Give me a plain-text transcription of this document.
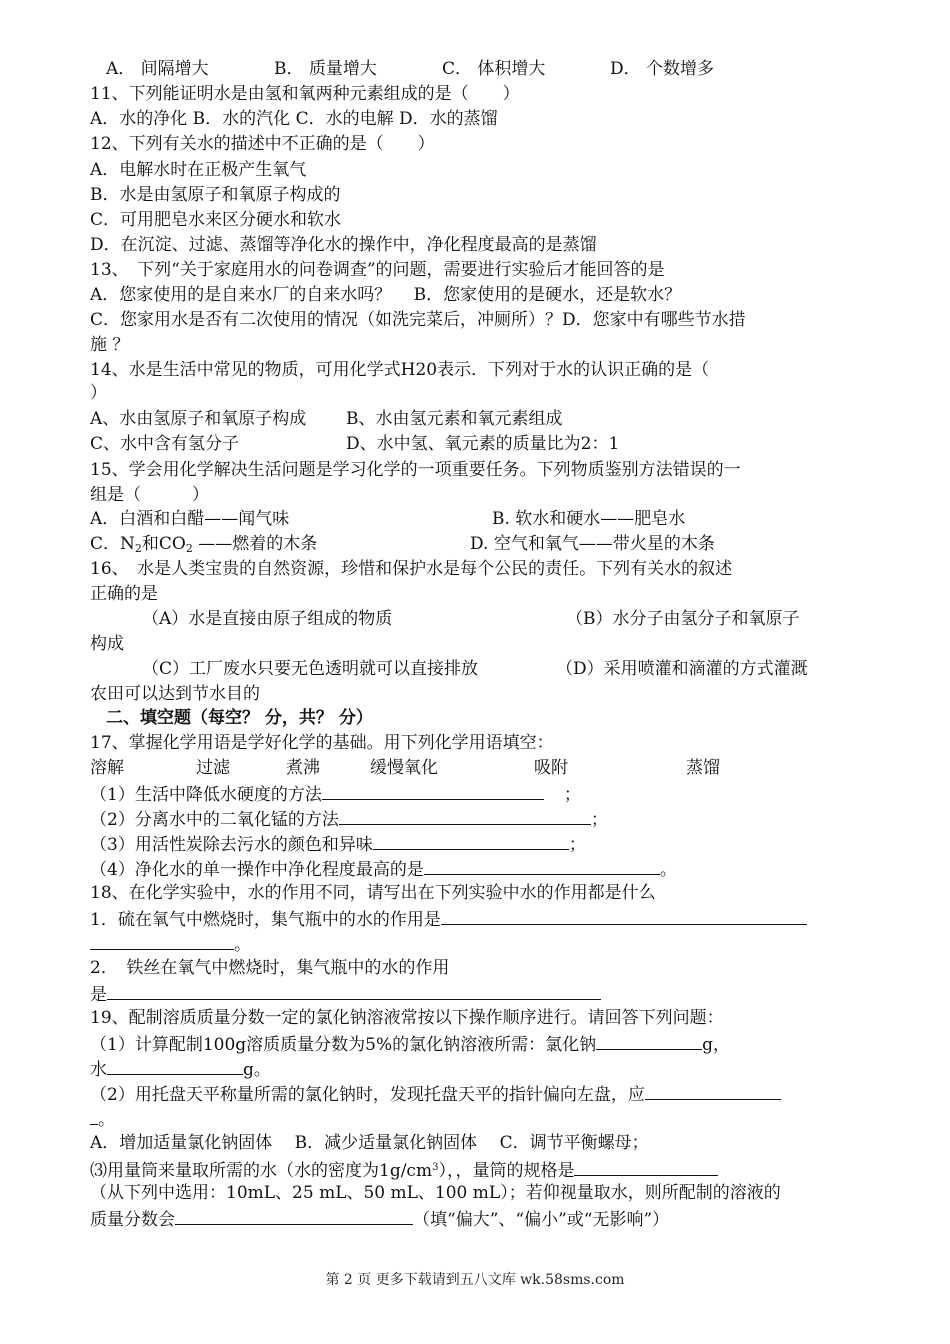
A． 间隔增大	B． 质量增大	C． 体积增大	D． 个数增多
11、下列能证明水是由氢和氧两种元素组成的是（　　）
A．水的净化 B．水的汽化 C．水的电解 D．水的蒸馏
12、下列有关水的描述中不正确的是（　　）
A．电解水时在正极产生氧气
B．水是由氢原子和氧原子构成的
C．可用肥皂水来区分硬水和软水
D．在沉淀、过滤、蒸馏等净化水的操作中，净化程度最高的是蒸馏
13、　下列“关于家庭用水的问卷调查”的问题，需要进行实验后才能回答的是
A．您家使用的是自来水厂的自来水吗？　 B．您家使用的是硬水，还是软水？
C．您家用水是否有二次使用的情况（如洗完菜后，冲厕所）？D．您家中有哪些节水措
施 ？
14、水是生活中常见的物质，可用化学式H20表示．下列对于水的认识正确的是（
）
A、水由氢原子和氧原子构成 B、水由氢元素和氧元素组成
C、水中含有氢分子	D、水中氢、氧元素的质量比为2：1
15、学会用化学解决生活问题是学习化学的一项重要任务。下列物质鉴别方法错误的一
组是（　　　）
A．白酒和白醋——闻气味	B. 软水和硬水——肥皂水
C．$N_2$和$CO_2$ ——燃着的木条	D. 空气和氧气——带火星的木条
16、　水是人类宝贵的自然资源，珍惜和保护水是每个公民的责任。下列有关水的叙述
正确的是
（A）水是直接由原子组成的物质	（B）水分子由氢分子和氧原子
构成
（C）工厂废水只要无色透明就可以直接排放	（D）采用喷灌和滴灌的方式灌溉
农田可以达到节水目的
二、填空题（每空？ 分，共？ 分）
17、掌握化学用语是学好化学的基础。用下列化学用语填空：
溶解	过滤	煮沸	缓慢氧化	吸附	蒸馏
（1）生活中降低水硬度的方法	；
（2）分离水中的二氧化锰的方法	；
（3）用活性炭除去污水的颜色和异味	；
（4）净化水的单一操作中净化程度最高的是	。
18、在化学实验中，水的作用不同，请写出在下列实验中水的作用都是什么
1．硫在氧气中燃烧时，集气瓶中的水的作用是
。
2．　铁丝在氧气中燃烧时，集气瓶中的水的作用
是
19、配制溶质质量分数一定的氯化钠溶液常按以下操作顺序进行。请回答下列问题：
（1）计算配制100g溶质质量分数为5%的氯化钠溶液所需：氯化钠	g，
水	g。
（2）用托盘天平称量所需的氯化钠时，发现托盘天平的指针偏向左盘，应
。
A．增加适量氯化钠固体　 B．减少适量氯化钠固体　 C．调节平衡螺母；
⑶用量筒来量取所需的水（水的密度为$1g/cm^3$），，量筒的规格是
（从下列中选用：10mL、25 mL、50 mL、100 mL）；若仰视量取水，则所配制的溶液的
质量分数会	（填“偏大”、“偏小”或“无影响”）
第 2 页 更多下载请到五八文库 wk.58sms.com
